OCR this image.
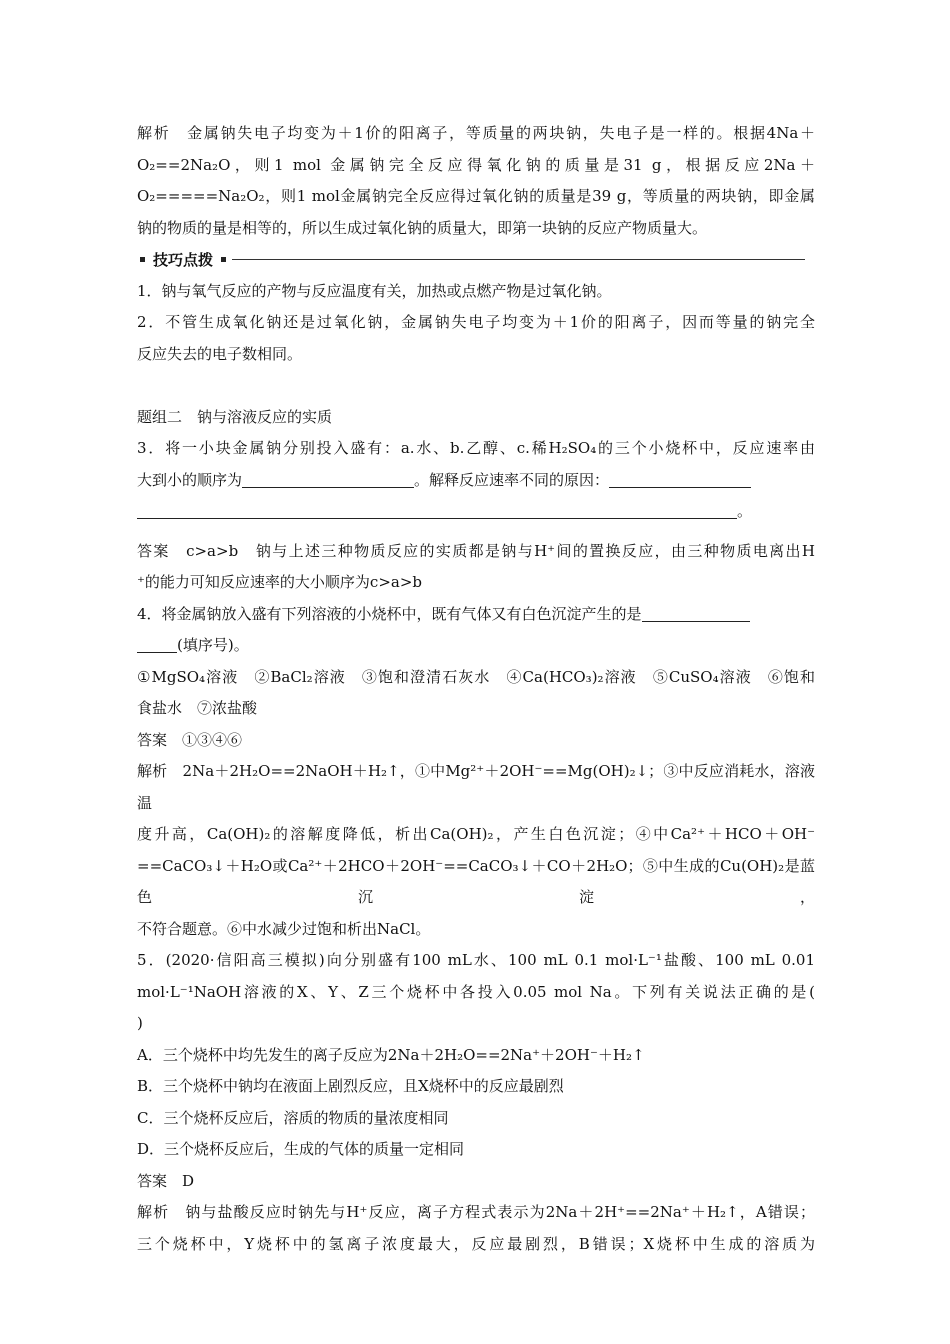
解析　金属钠失电子均变为＋1价的阳离子，等质量的两块钠，失电子是一样的。根据4Na＋

O₂==2Na₂O，则1 mol 金属钠完全反应得氧化钠的质量是31 g，根据反应2Na＋

O₂=====Na₂O₂，则1 mol金属钠完全反应得过氧化钠的质量是39 g，等质量的两块钠，即金属

钠的物质的量是相等的，所以生成过氧化钠的质量大，即第一块钠的反应产物质量大。

技巧点拨

1．钠与氧气反应的产物与反应温度有关，加热或点燃产物是过氧化钠。

2．不管生成氧化钠还是过氧化钠，金属钠失电子均变为＋1价的阳离子，因而等量的钠完全

反应失去的电子数相同。

题组二　钠与溶液反应的实质

3．将一小块金属钠分别投入盛有：a.水、b.乙醇、c.稀H₂SO₄的三个小烧杯中，反应速率由

大到小的顺序为	。解释反应速率不同的原因：

。

答案　c>a>b　钠与上述三种物质反应的实质都是钠与H⁺间的置换反应，由三种物质电离出H

⁺的能力可知反应速率的大小顺序为c>a>b

4．将金属钠放入盛有下列溶液的小烧杯中，既有气体又有白色沉淀产生的是

(填序号)。

①MgSO₄溶液　②BaCl₂溶液　③饱和澄清石灰水　④Ca(HCO₃)₂溶液　⑤CuSO₄溶液　⑥饱和

食盐水　⑦浓盐酸

答案　①③④⑥

解析　2Na＋2H₂O==2NaOH＋H₂↑，①中Mg²⁺＋2OH⁻==Mg(OH)₂↓；③中反应消耗水，溶液温

度升高，Ca(OH)₂的溶解度降低，析出Ca(OH)₂，产生白色沉淀；④中Ca²⁺＋HCO＋OH⁻

==CaCO₃↓＋H₂O或Ca²⁺＋2HCO＋2OH⁻==CaCO₃↓＋CO＋2H₂O；⑤中生成的Cu(OH)₂是蓝色沉淀，

不符合题意。⑥中水减少过饱和析出NaCl。

5．(2020·信阳高三模拟)向分别盛有100 mL水、100 mL 0.1 mol·L⁻¹盐酸、100 mL 0.01

mol·L⁻¹NaOH溶液的X、Y、Z三个烧杯中各投入0.05 mol Na。下列有关说法正确的是(

)

A．三个烧杯中均先发生的离子反应为2Na＋2H₂O==2Na⁺＋2OH⁻＋H₂↑

B．三个烧杯中钠均在液面上剧烈反应，且X烧杯中的反应最剧烈

C．三个烧杯反应后，溶质的物质的量浓度相同

D．三个烧杯反应后，生成的气体的质量一定相同

答案　D

解析　钠与盐酸反应时钠先与H⁺反应，离子方程式表示为2Na＋2H⁺==2Na⁺＋H₂↑，A错误；

三个烧杯中，Y烧杯中的氢离子浓度最大，反应最剧烈，B错误；X烧杯中生成的溶质为
